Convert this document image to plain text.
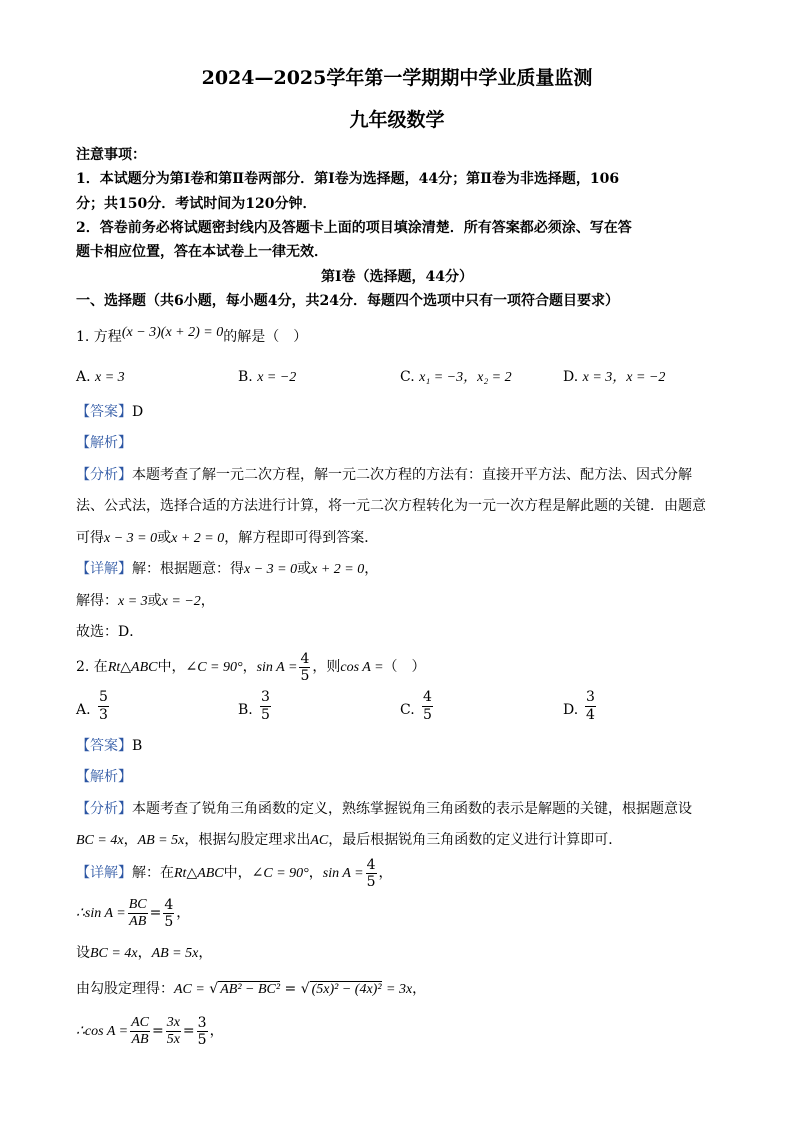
2024—2025学年第一学期期中学业质量监测
九年级数学
注意事项：
1．本试题分为第Ⅰ卷和第Ⅱ卷两部分．第Ⅰ卷为选择题，44分；第Ⅱ卷为非选择题，106
分；共150分．考试时间为120分钟．
2．答卷前务必将试题密封线内及答题卡上面的项目填涂清楚．所有答案都必须涂、写在答
题卡相应位置，答在本试卷上一律无效．
第Ⅰ卷（选择题，44分）
一、选择题（共6小题，每小题4分，共24分．每题四个选项中只有一项符合题目要求）
1. 方程(x − 3)(x + 2) = 0的解是（　）
A. x = 3	B. x = −2	C. x₁ = −3，x₂ = 2	D. x = 3，x = −2
【答案】D
【解析】
【分析】本题考查了解一元二次方程，解一元二次方程的方法有：直接开平方法、配方法、因式分解
法、公式法，选择合适的方法进行计算，将一元二次方程转化为一元一次方程是解此题的关键．由题意
可得x − 3 = 0或x + 2 = 0，解方程即可得到答案．
【详解】解：根据题意：得x − 3 = 0或x + 2 = 0，
解得：x = 3或x = −2，
故选：D．
2. 在Rt△ABC中，∠C = 90°，$\sin A = \frac{4}{5}$ ，则cos A =（　）
A.
5
3	B.
3
5	C.
4
5	D.
3
4
【答案】B
【解析】
【分析】本题考查了锐角三角函数的定义，熟练掌握锐角三角函数的表示是解题的关键，根据题意设
BC = 4x，AB = 5x，根据勾股定理求出AC，最后根据锐角三角函数的定义进行计算即可．
【详解】解：在Rt△ABC中，∠C = 90°，$\sin A = \frac{4}{5}$ ，
∴sin $A = \frac{BC}{AB} = \frac{4}{5}$ ，
设BC = 4x，AB = 5x，
由勾股定理得：AC = √ AB² − BC² = √ (5x)² − (4x)² = 3x，
∴cos $A = \frac{AC}{AB} = \frac{3x}{5x} = \frac{3}{5}$ ，
